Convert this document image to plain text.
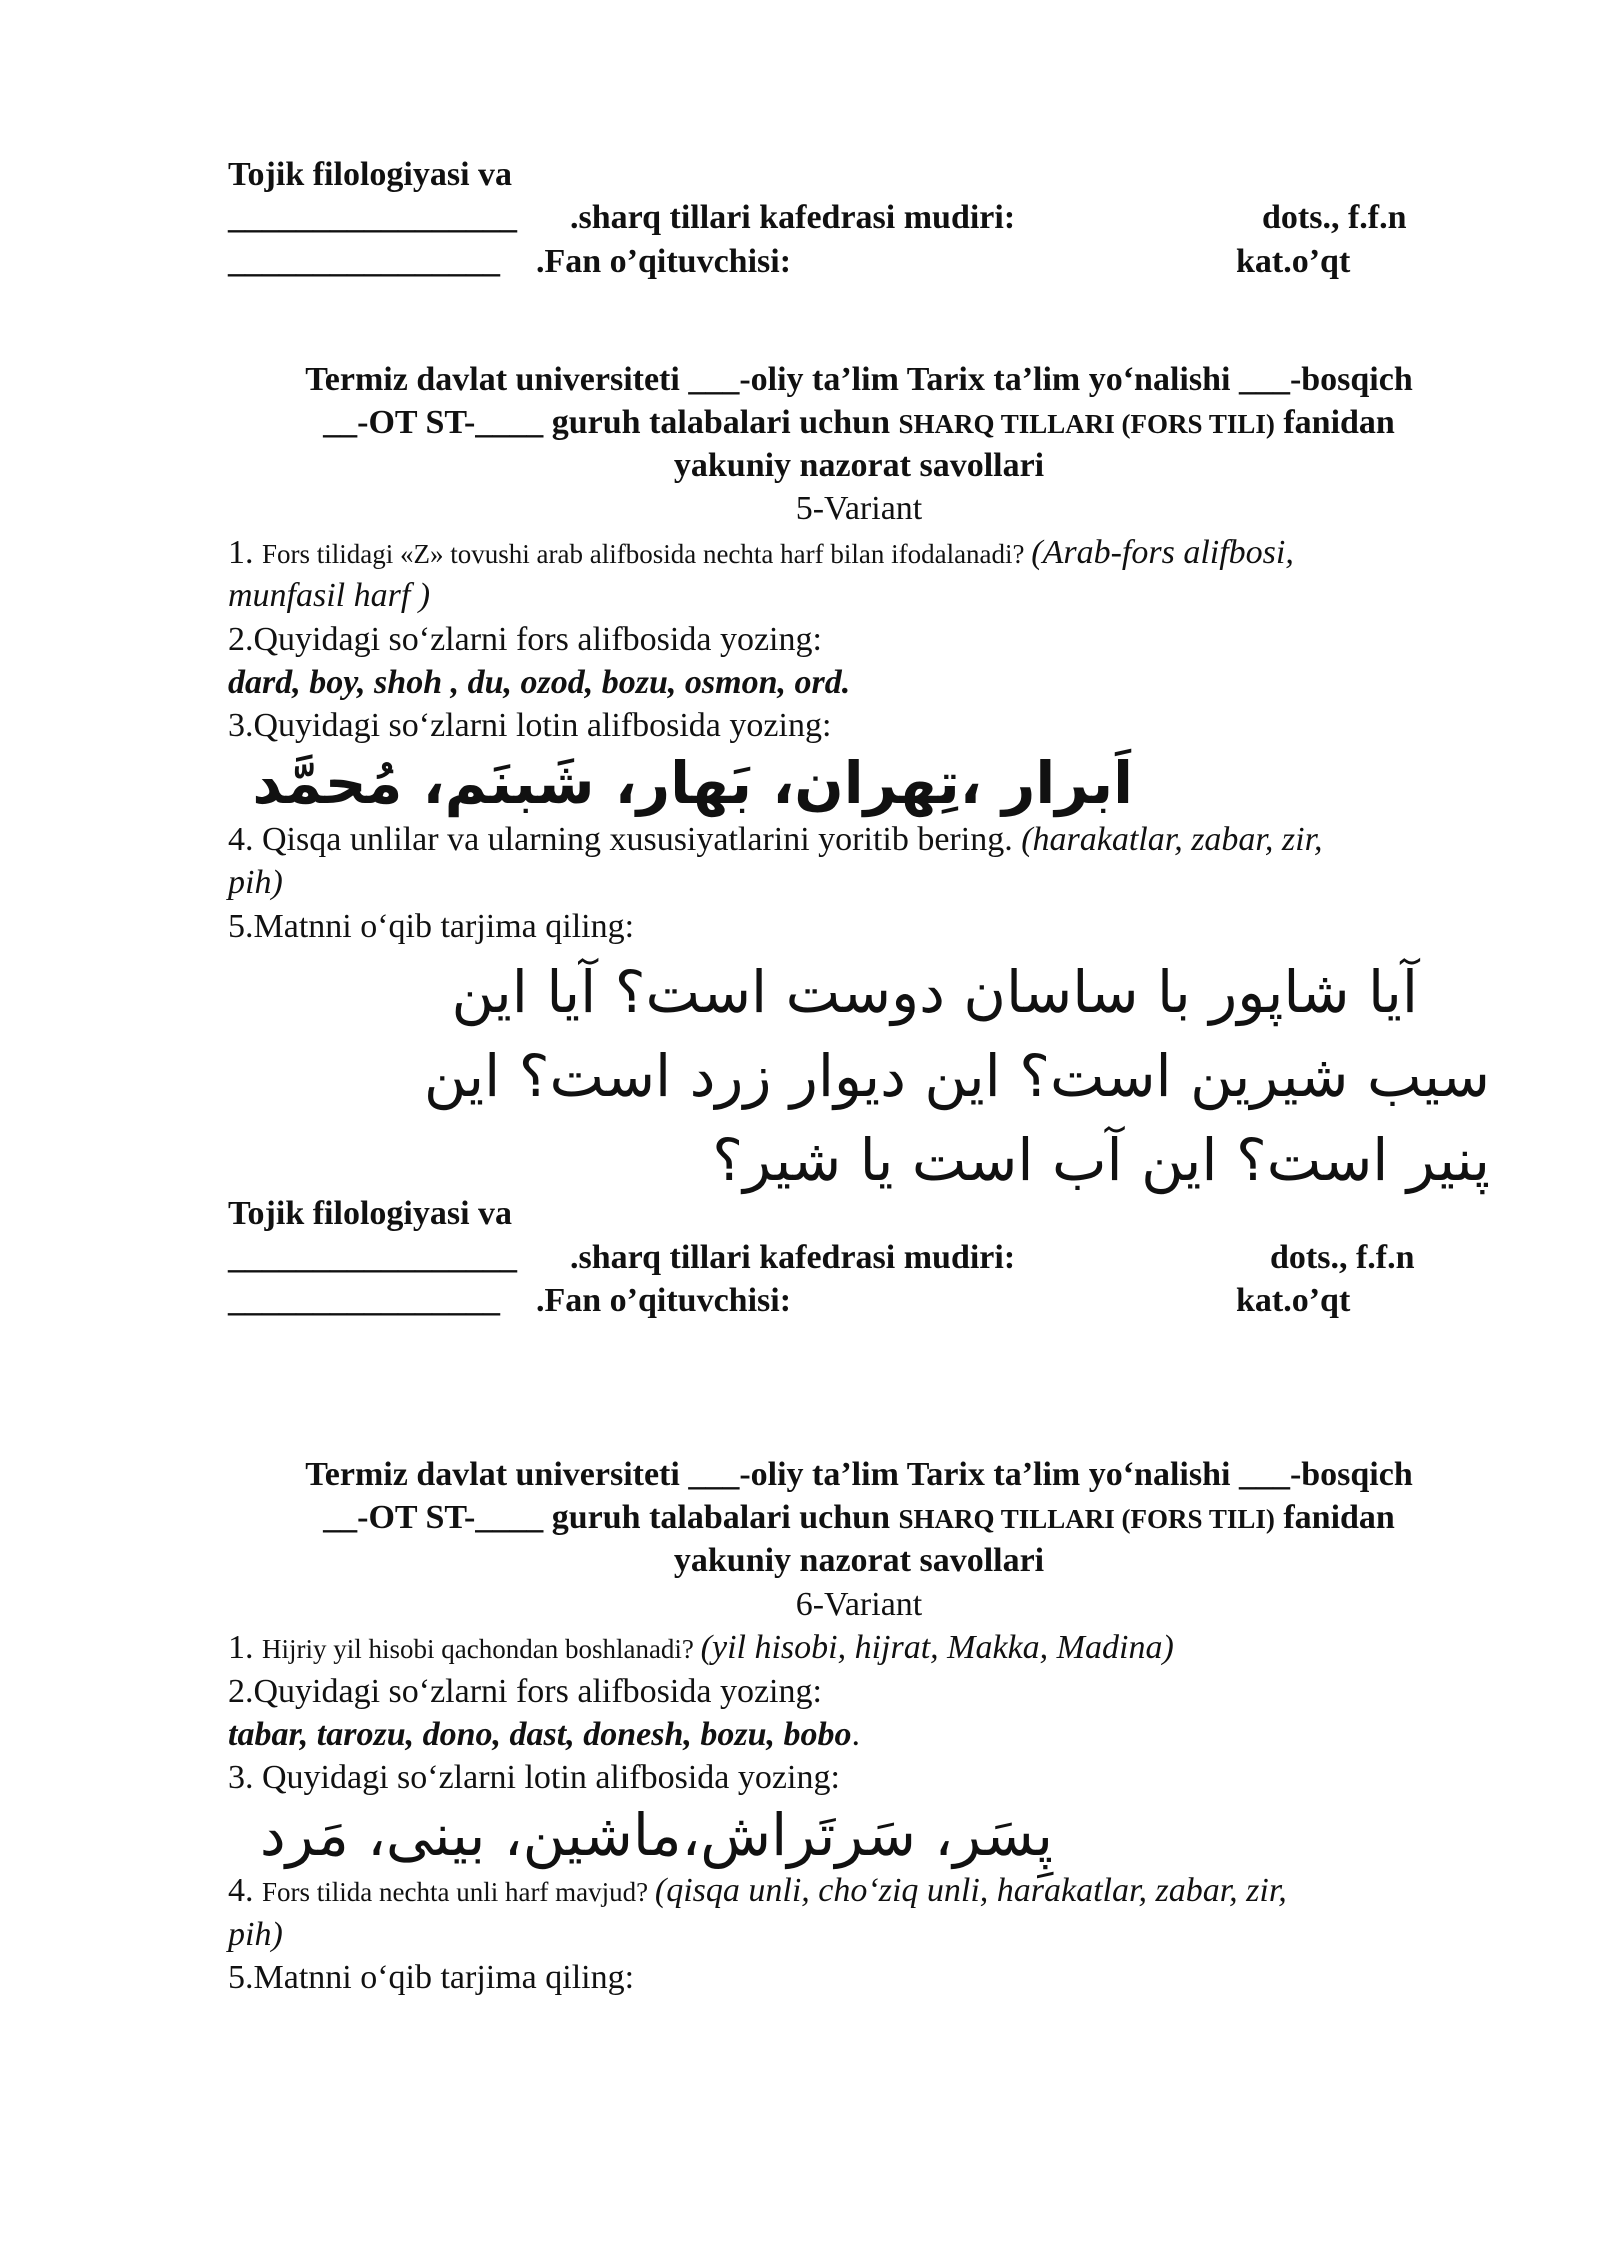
Tojik filologiyasi va
_________________ .sharq tillari kafedrasi mudiri:	dots., f.f.n
________________ .Fan o’qituvchisi:	kat.o’qt
Termiz davlat universiteti ___-oliy ta’lim Tarix ta’lim yo‘nalishi ___-bosqich
__-OT ST-____ guruh talabalari uchun SHARQ TILLARI (FORS TILI) fanidan
yakuniy nazorat savollari
5-Variant
1. Fors tilidagi «Z» tovushi arab alifbosida nechta harf bilan ifodalanadi? (Arab-fors alifbosi,
munfasil harf )
2.Quyidagi so‘zlarni fors alifbosida yozing:
dard, boy, shoh , du, ozod, bozu, osmon, ord.
3.Quyidagi so‘zlarni lotin alifbosida yozing:
اَبرار ،تِهران، بَهار، شَبنَم، مُحمَّد
4. Qisqa unlilar va ularning xususiyatlarini yoritib bering. (harakatlar, zabar, zir,
pih)
5.Matnni o‘qib tarjima qiling:
آیا شاپور با ساسان دوست است؟ آیا این
سیب شیرین است؟ این دیوار زرد است؟ این
پنیر است؟ این آب است یا شیر؟
Tojik filologiyasi va
_________________ .sharq tillari kafedrasi mudiri:	dots., f.f.n
________________ .Fan o’qituvchisi:	kat.o’qt
Termiz davlat universiteti ___-oliy ta’lim Tarix ta’lim yo‘nalishi ___-bosqich
__-OT ST-____ guruh talabalari uchun SHARQ TILLARI (FORS TILI) fanidan
yakuniy nazorat savollari
6-Variant
1. Hijriy yil hisobi qachondan boshlanadi? (yil hisobi, hijrat, Makka, Madina)
2.Quyidagi so‘zlarni fors alifbosida yozing:
tabar, tarozu, dono, dast, donesh, bozu, bobo.
3. Quyidagi so‘zlarni lotin alifbosida yozing:
پِسَر، سَرتَراش،ماشین، بینی، مَرد
4. Fors tilida nechta unli harf mavjud? (qisqa unli, cho‘ziq unli, harakatlar, zabar, zir,
pih)
5.Matnni o‘qib tarjima qiling:
